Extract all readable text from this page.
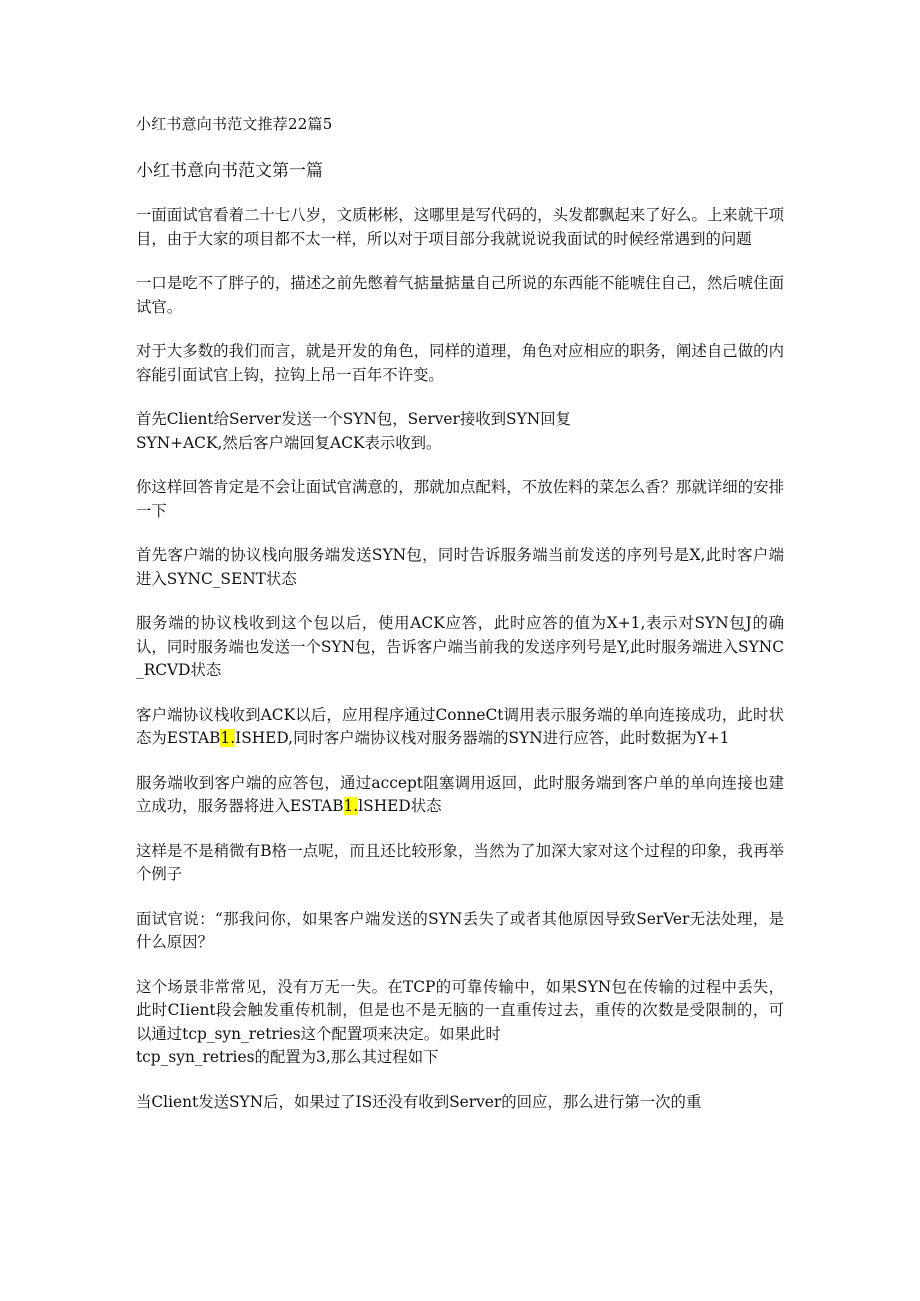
小红书意向书范文推荐22篇5
小红书意向书范文第一篇

一面面试官看着二十七八岁，文质彬彬，这哪里是写代码的，头发都飘起来了好么。上来就干项目，由于大家的项目都不太一样，所以对于项目部分我就说说我面试的时候经常遇到的问题

一口是吃不了胖子的，描述之前先憋着气掂量掂量自己所说的东西能不能唬住自己，然后唬住面试官。

对于大多数的我们而言，就是开发的角色，同样的道理，角色对应相应的职务，阐述自己做的内容能引面试官上钩，拉钩上吊一百年不许变。

首先Client给Server发送一个SYN包，Server接收到SYN回复
SYN+ACK,然后客户端回复ACK表示收到。

你这样回答肯定是不会让面试官满意的，那就加点配料，不放佐料的菜怎么香？那就详细的安排一下

首先客户端的协议栈向服务端发送SYN包，同时告诉服务端当前发送的序列号是X,此时客户端进入SYNC_SENT状态

服务端的协议栈收到这个包以后，使用ACK应答，此时应答的值为X+1,表示对SYN包J的确认，同时服务端也发送一个SYN包，告诉客户端当前我的发送序列号是Y,此时服务端进入SYNC_RCVD状态

客户端协议栈收到ACK以后，应用程序通过ConneCt调用表示服务端的单向连接成功，此时状态为ESTAB1.ISHED,同时客户端协议栈对服务器端的SYN进行应答，此时数据为Y+1

服务端收到客户端的应答包，通过accept阻塞调用返回，此时服务端到客户单的单向连接也建立成功，服务器将进入ESTAB1.lSHED状态

这样是不是稍微有B格一点呢，而且还比较形象，当然为了加深大家对这个过程的印象，我再举个例子

面试官说：“那我问你，如果客户端发送的SYN丢失了或者其他原因导致SerVer无法处理，是什么原因？

这个场景非常常见，没有万无一失。在TCP的可靠传输中，如果SYN包在传输的过程中丢失，此时CIient段会触发重传机制，但是也不是无脑的一直重传过去，重传的次数是受限制的，可以通过tcp_syn_retries这个配置项来决定。如果此时
tcp_syn_retries的配置为3,那么其过程如下

当Client发送SYN后，如果过了IS还没有收到Server的回应，那么进行第一次的重
